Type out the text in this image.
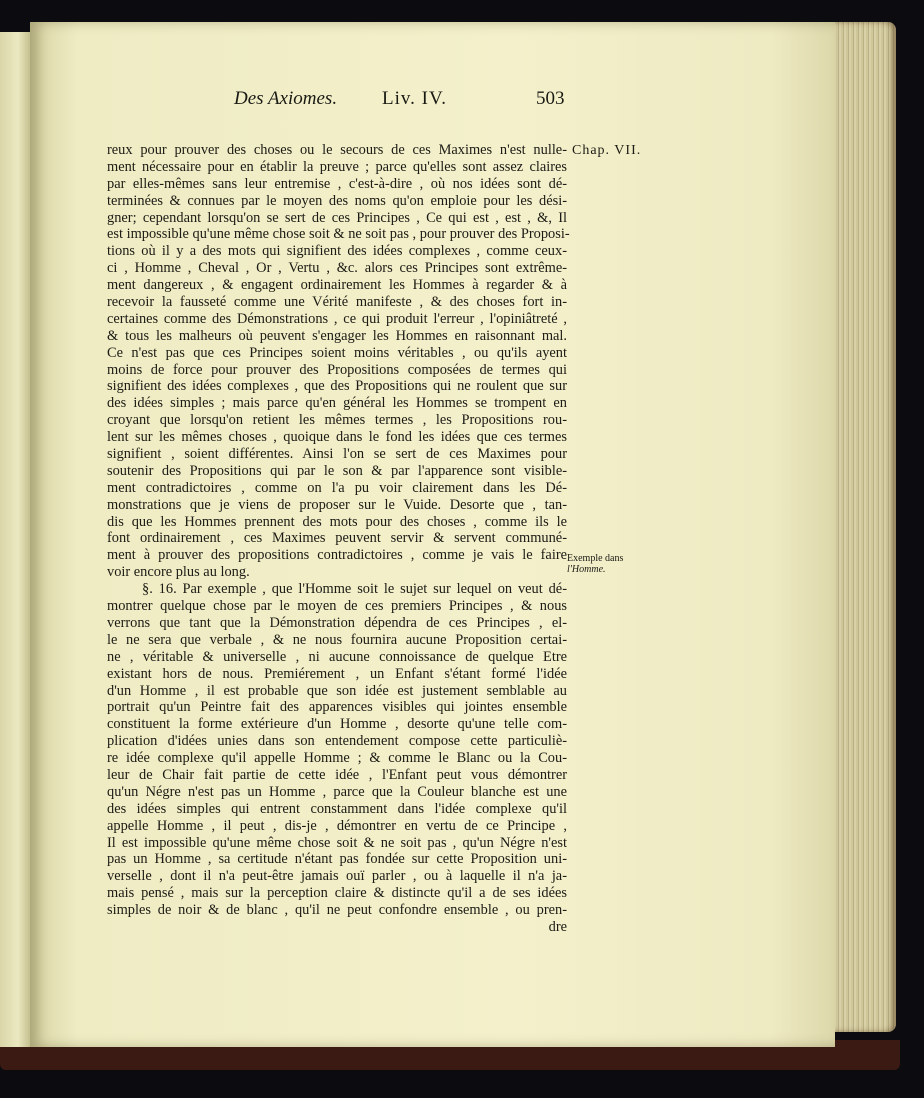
Des Axiomes. Liv. IV.	503
Chap. VII.
Exemple dans
l'Homme.
reux pour prouver des choses ou le secours de ces Maximes n'est nulle-
ment nécessaire pour en établir la preuve ; parce qu'elles sont assez claires
par elles-mêmes sans leur entremise , c'est-à-dire , où nos idées sont dé-
terminées & connues par le moyen des noms qu'on emploie pour les dési-
gner; cependant lorsqu'on se sert de ces Principes , Ce qui est , est , &, Il
est impossible qu'une même chose soit & ne soit pas , pour prouver des Proposi-
tions où il y a des mots qui signifient des idées complexes , comme ceux-
ci , Homme , Cheval , Or , Vertu , &c. alors ces Principes sont extrême-
ment dangereux , & engagent ordinairement les Hommes à regarder & à
recevoir la fausseté comme une Vérité manifeste , & des choses fort in-
certaines comme des Démonstrations , ce qui produit l'erreur , l'opiniâtreté ,
& tous les malheurs où peuvent s'engager les Hommes en raisonnant mal.
Ce n'est pas que ces Principes soient moins véritables , ou qu'ils ayent
moins de force pour prouver des Propositions composées de termes qui
signifient des idées complexes , que des Propositions qui ne roulent que sur
des idées simples ; mais parce qu'en général les Hommes se trompent en
croyant que lorsqu'on retient les mêmes termes , les Propositions rou-
lent sur les mêmes choses , quoique dans le fond les idées que ces termes
signifient , soient différentes. Ainsi l'on se sert de ces Maximes pour
soutenir des Propositions qui par le son & par l'apparence sont visible-
ment contradictoires , comme on l'a pu voir clairement dans les Dé-
monstrations que je viens de proposer sur le Vuide. Desorte que , tan-
dis que les Hommes prennent des mots pour des choses , comme ils le
font ordinairement , ces Maximes peuvent servir & servent communé-
ment à prouver des propositions contradictoires , comme je vais le faire
voir encore plus au long.
§. 16. Par exemple , que l'Homme soit le sujet sur lequel on veut dé-
montrer quelque chose par le moyen de ces premiers Principes , & nous
verrons que tant que la Démonstration dépendra de ces Principes , el-
le ne sera que verbale , & ne nous fournira aucune Proposition certai-
ne , véritable & universelle , ni aucune connoissance de quelque Etre
existant hors de nous. Premiérement , un Enfant s'étant formé l'idée
d'un Homme , il est probable que son idée est justement semblable au
portrait qu'un Peintre fait des apparences visibles qui jointes ensemble
constituent la forme extérieure d'un Homme , desorte qu'une telle com-
plication d'idées unies dans son entendement compose cette particuliè-
re idée complexe qu'il appelle Homme ; & comme le Blanc ou la Cou-
leur de Chair fait partie de cette idée , l'Enfant peut vous démontrer
qu'un Négre n'est pas un Homme , parce que la Couleur blanche est une
des idées simples qui entrent constamment dans l'idée complexe qu'il
appelle Homme , il peut , dis-je , démontrer en vertu de ce Principe ,
Il est impossible qu'une même chose soit & ne soit pas , qu'un Négre n'est
pas un Homme , sa certitude n'étant pas fondée sur cette Proposition uni-
verselle , dont il n'a peut-être jamais ouï parler , ou à laquelle il n'a ja-
mais pensé , mais sur la perception claire & distincte qu'il a de ses idées
simples de noir & de blanc , qu'il ne peut confondre ensemble , ou pren-
dre
